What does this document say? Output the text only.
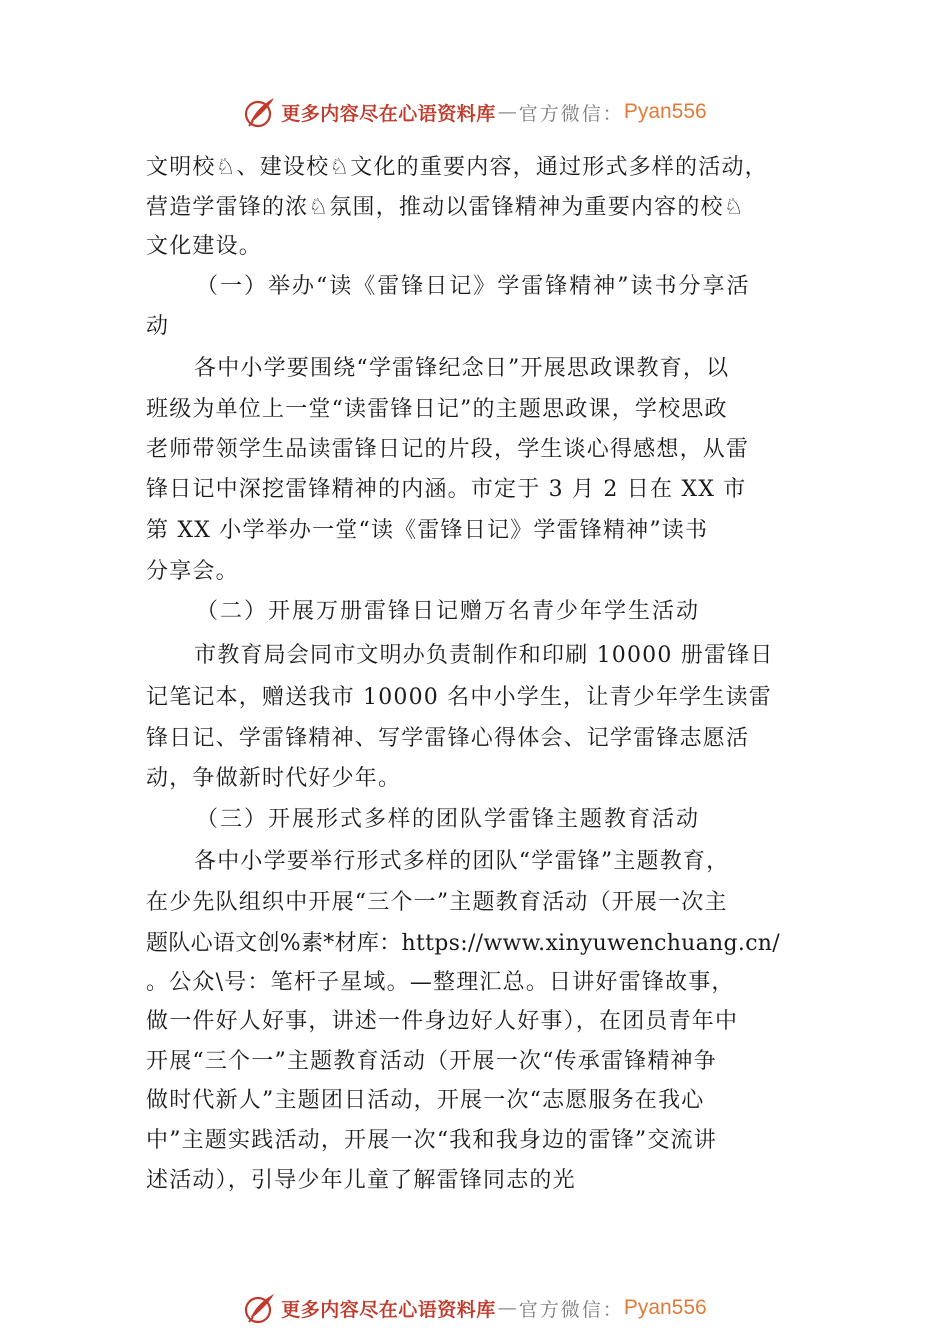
更多内容尽在心语资料库 — 官方微信： Pyan556
文明校♘、建设校♘文化的重要内容，通过形式多样的活动，
营造学雷锋的浓♘氛围，推动以雷锋精神为重要内容的校♘
文化建设。
（一）举办“读《雷锋日记》学雷锋精神”读书分享活
动
各中小学要围绕“学雷锋纪念日”开展思政课教育，以
班级为单位上一堂“读雷锋日记”的主题思政课，学校思政
老师带领学生品读雷锋日记的片段，学生谈心得感想，从雷
锋日记中深挖雷锋精神的内涵。市定于 3 月 2 日在 XX 市
第 XX 小学举办一堂“读《雷锋日记》学雷锋精神”读书
分享会。
（二）开展万册雷锋日记赠万名青少年学生活动
市教育局会同市文明办负责制作和印刷 10000 册雷锋日
记笔记本，赠送我市 10000 名中小学生，让青少年学生读雷
锋日记、学雷锋精神、写学雷锋心得体会、记学雷锋志愿活
动，争做新时代好少年。
（三）开展形式多样的团队学雷锋主题教育活动
各中小学要举行形式多样的团队“学雷锋”主题教育，
在少先队组织中开展“三个一”主题教育活动（开展一次主
题队心语文创%素*材库：https://www.xinyuwenchuang.cn/
。公众\号：笔杆子星域。—整理汇总。日讲好雷锋故事，
做一件好人好事，讲述一件身边好人好事），在团员青年中
开展“三个一”主题教育活动（开展一次“传承雷锋精神争
做时代新人”主题团日活动，开展一次“志愿服务在我心
中”主题实践活动，开展一次“我和我身边的雷锋”交流讲
述活动），引导少年儿童了解雷锋同志的光
更多内容尽在心语资料库 — 官方微信： Pyan556
